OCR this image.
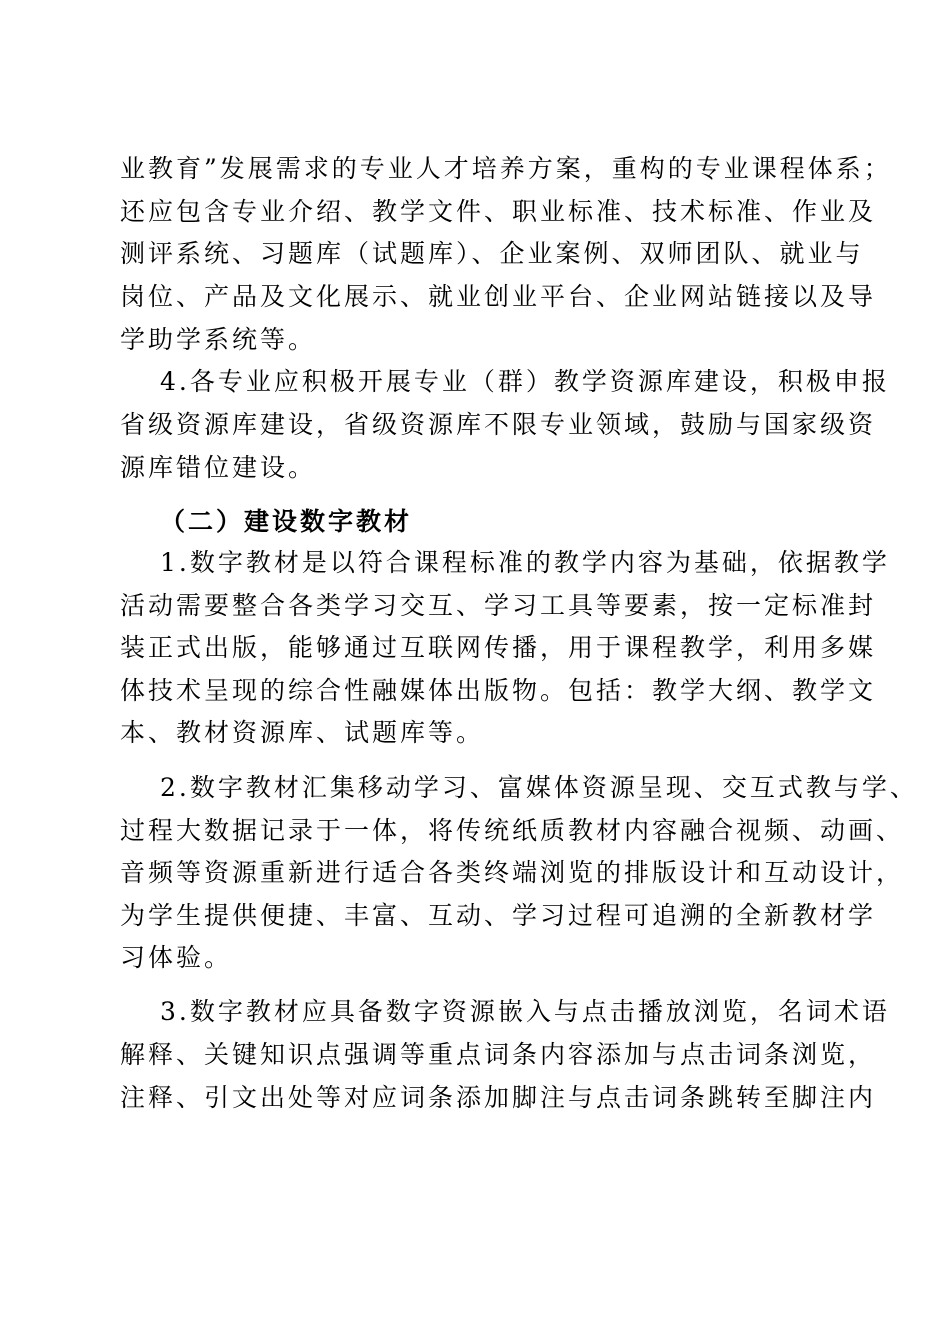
业教育”发展需求的专业人才培养方案，重构的专业课程体系；
还应包含专业介绍、教学文件、职业标准、技术标准、作业及
测评系统、习题库（试题库）、企业案例、双师团队、就业与
岗位、产品及文化展示、就业创业平台、企业网站链接以及导
学助学系统等。
4.各专业应积极开展专业（群）教学资源库建设，积极申报
省级资源库建设，省级资源库不限专业领域，鼓励与国家级资
源库错位建设。
（二）建设数字教材
1.数字教材是以符合课程标准的教学内容为基础，依据教学
活动需要整合各类学习交互、学习工具等要素，按一定标准封
装正式出版，能够通过互联网传播，用于课程教学，利用多媒
体技术呈现的综合性融媒体出版物。包括：教学大纲、教学文
本、教材资源库、试题库等。
2.数字教材汇集移动学习、富媒体资源呈现、交互式教与学、
过程大数据记录于一体，将传统纸质教材内容融合视频、动画、
音频等资源重新进行适合各类终端浏览的排版设计和互动设计，
为学生提供便捷、丰富、互动、学习过程可追溯的全新教材学
习体验。
3.数字教材应具备数字资源嵌入与点击播放浏览，名词术语
解释、关键知识点强调等重点词条内容添加与点击词条浏览，
注释、引文出处等对应词条添加脚注与点击词条跳转至脚注内
